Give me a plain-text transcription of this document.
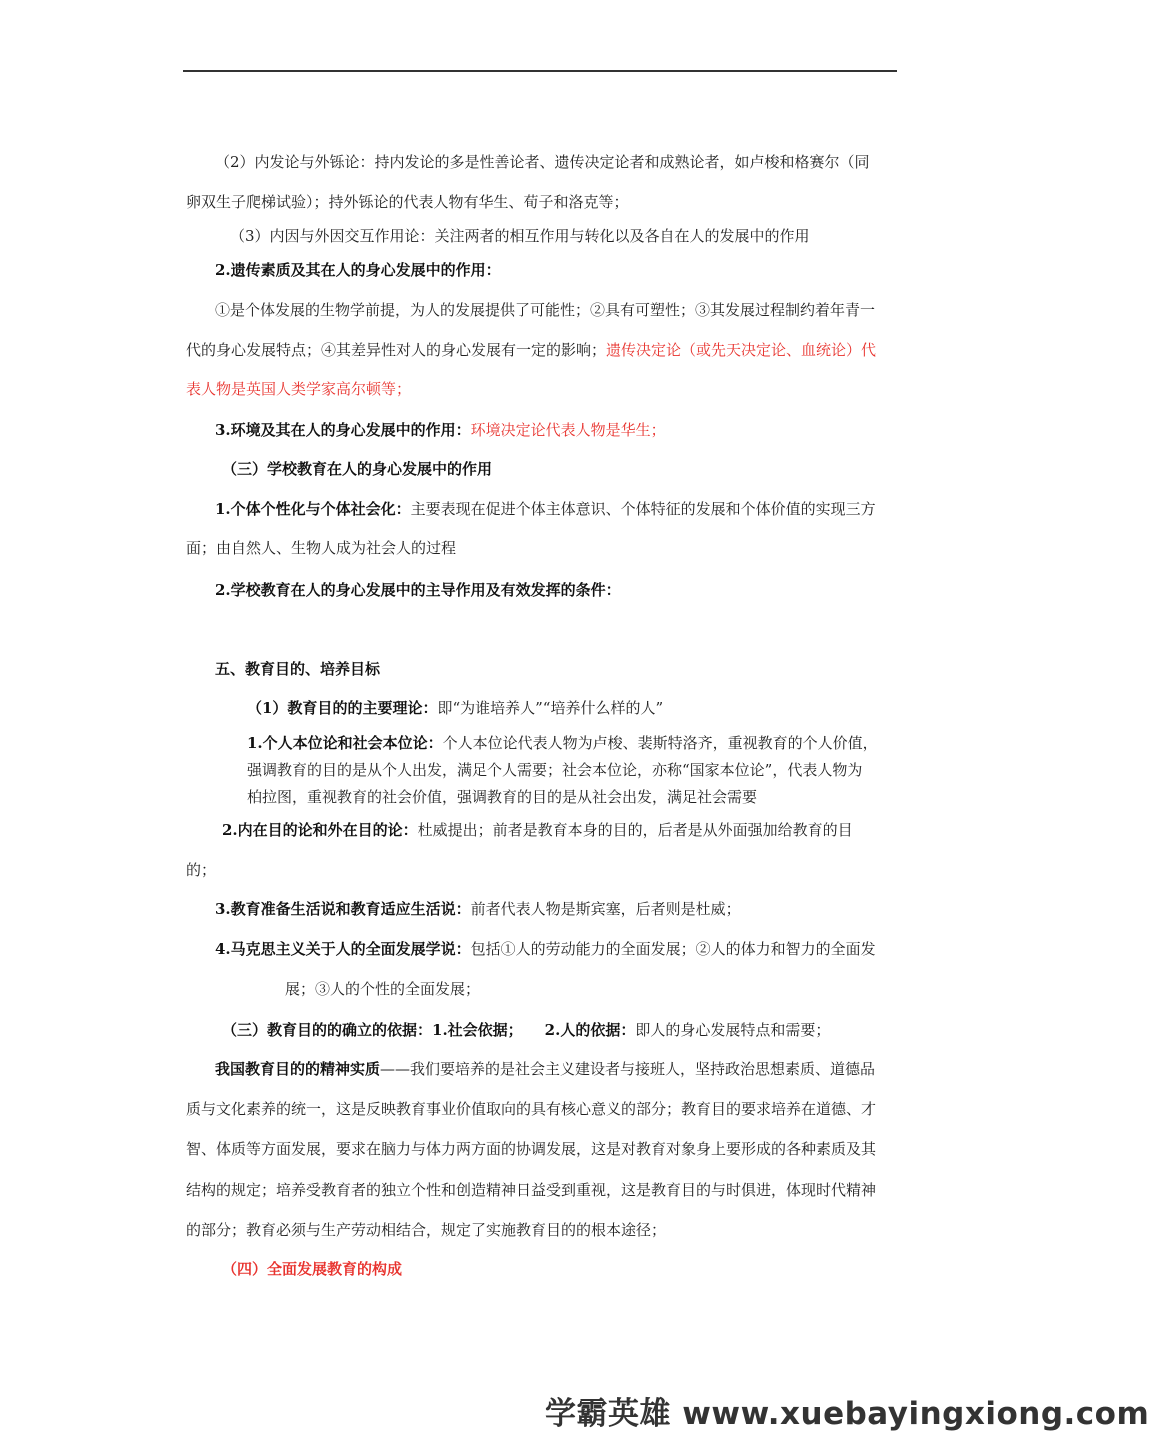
（2）内发论与外铄论：持内发论的多是性善论者、遗传决定论者和成熟论者，如卢梭和格赛尔（同
卵双生子爬梯试验）；持外铄论的代表人物有华生、荀子和洛克等；
（3）内因与外因交互作用论：关注两者的相互作用与转化以及各自在人的发展中的作用
2.遗传素质及其在人的身心发展中的作用：
①是个体发展的生物学前提，为人的发展提供了可能性；②具有可塑性；③其发展过程制约着年青一
代的身心发展特点；④其差异性对人的身心发展有一定的影响；遗传决定论（或先天决定论、血统论）代
表人物是英国人类学家高尔顿等；
3.环境及其在人的身心发展中的作用：环境决定论代表人物是华生；
（三）学校教育在人的身心发展中的作用
1.个体个性化与个体社会化：主要表现在促进个体主体意识、个体特征的发展和个体价值的实现三方
面；由自然人、生物人成为社会人的过程
2.学校教育在人的身心发展中的主导作用及有效发挥的条件：
五、教育目的、培养目标
（1）教育目的的主要理论：即“为谁培养人”“培养什么样的人”
1.个人本位论和社会本位论：个人本位论代表人物为卢梭、裴斯特洛齐，重视教育的个人价值，
强调教育的目的是从个人出发，满足个人需要；社会本位论，亦称“国家本位论”，代表人物为
柏拉图，重视教育的社会价值，强调教育的目的是从社会出发，满足社会需要
2.内在目的论和外在目的论：杜威提出；前者是教育本身的目的，后者是从外面强加给教育的目
的；
3.教育准备生活说和教育适应生活说：前者代表人物是斯宾塞，后者则是杜威；
4.马克思主义关于人的全面发展学说：包括①人的劳动能力的全面发展；②人的体力和智力的全面发
展；③人的个性的全面发展；
（三）教育目的的确立的依据：1.社会依据； 2.人的依据：即人的身心发展特点和需要；
我国教育目的的精神实质——我们要培养的是社会主义建设者与接班人，坚持政治思想素质、道德品
质与文化素养的统一，这是反映教育事业价值取向的具有核心意义的部分；教育目的要求培养在道德、才
智、体质等方面发展，要求在脑力与体力两方面的协调发展，这是对教育对象身上要形成的各种素质及其
结构的规定；培养受教育者的独立个性和创造精神日益受到重视，这是教育目的与时俱进，体现时代精神
的部分；教育必须与生产劳动相结合，规定了实施教育目的的根本途径；
（四）全面发展教育的构成
学霸英雄 www.xuebayingxiong.com
